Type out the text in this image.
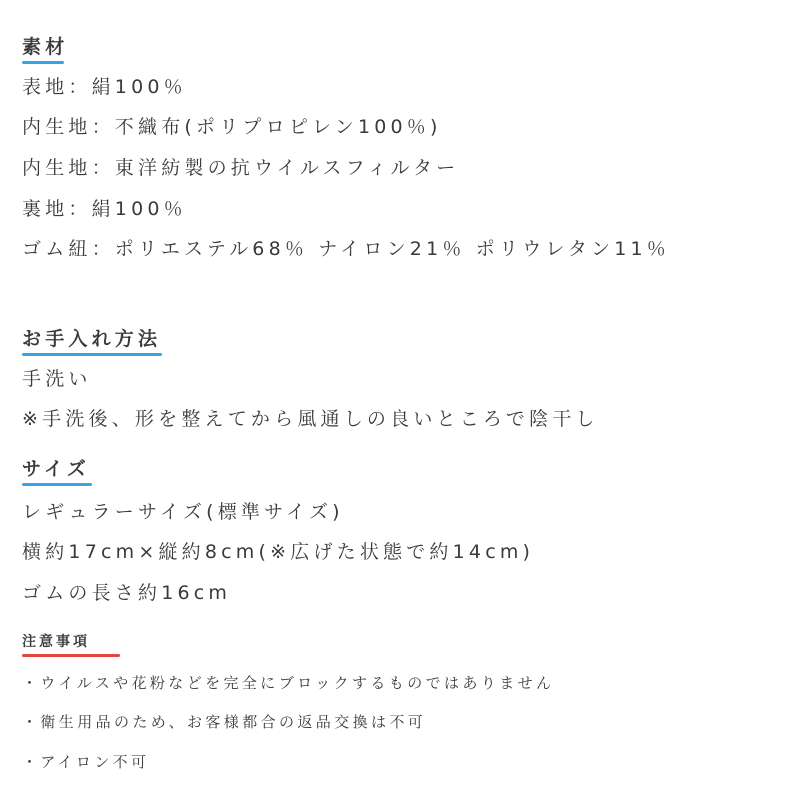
素材
表地：絹100％
内生地：不織布(ポリプロピレン100％)
内生地：東洋紡製の抗ウイルスフィルター
裏地：絹100％
ゴム紐：ポリエステル68％ ナイロン21％ ポリウレタン11％
お手入れ方法
手洗い
※手洗後、形を整えてから風通しの良いところで陰干し
サイズ
レギュラーサイズ(標準サイズ)
横約17cm×縦約8cm(※広げた状態で約14cm)
ゴムの長さ約16cm
注意事項
・ウイルスや花粉などを完全にブロックするものではありません
・衛生用品のため、お客様都合の返品交換は不可
・アイロン不可
